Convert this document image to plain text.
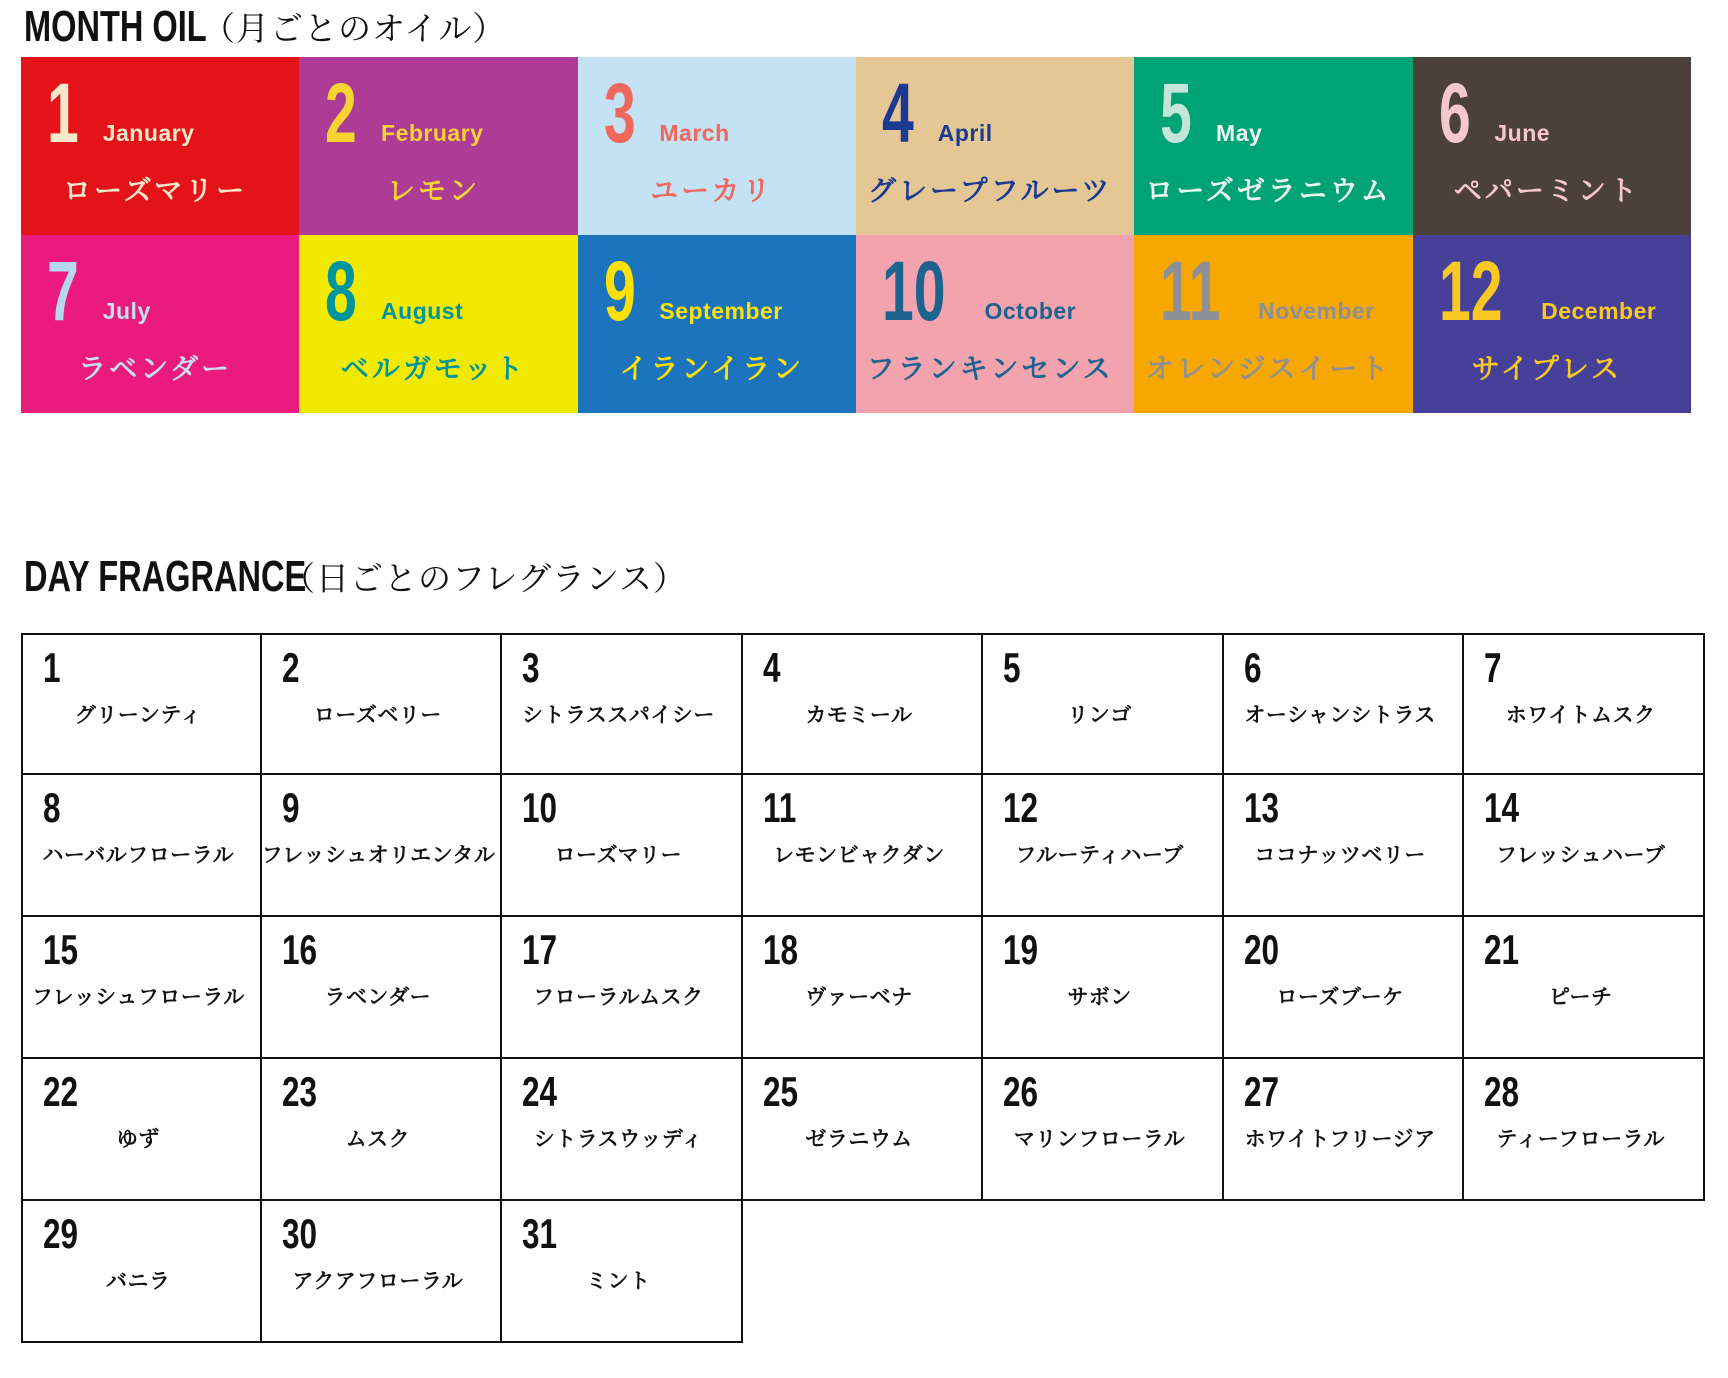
MONTH OIL
（月ごとのオイル）
1 January
ローズマリー
2 February
レモン
3 March
ユーカリ
4 April
グレープフルーツ
5 May
ローズゼラニウム
6 June
ペパーミント
7 July
ラベンダー
8 August
ベルガモット
9 September
イランイラン
10 October
フランキンセンス
11 November
オレンジスイート
12 December
サイプレス
DAY FRAGRANCE
（日ごとのフレグランス）
1
グリーンティ
2
ローズベリー
3
シトラススパイシー
4
カモミール
5
リンゴ
6
オーシャンシトラス
7
ホワイトムスク
8
ハーバルフローラル
9
フレッシュオリエンタル
10
ローズマリー
11
レモンビャクダン
12
フルーティハーブ
13
ココナッツベリー
14
フレッシュハーブ
15
フレッシュフローラル
16
ラベンダー
17
フローラルムスク
18
ヴァーベナ
19
サボン
20
ローズブーケ
21
ピーチ
22
ゆず
23
ムスク
24
シトラスウッディ
25
ゼラニウム
26
マリンフローラル
27
ホワイトフリージア
28
ティーフローラル
29
バニラ
30
アクアフローラル
31
ミント
